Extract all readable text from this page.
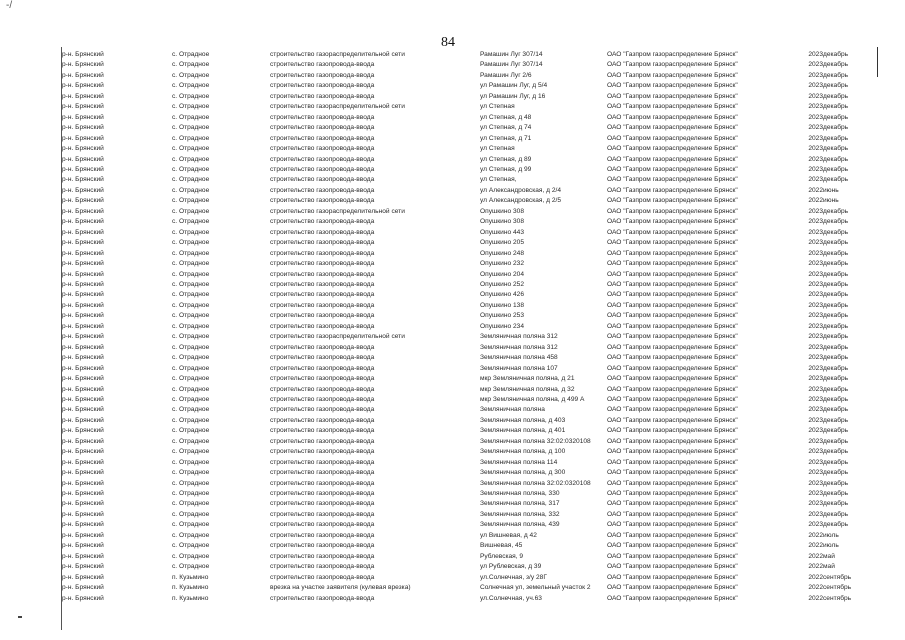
-/
84
р-н. Брянский	с. Отрадное	строительство газораспределительной сети	Рамашин Луг 307/14	ОАО "Газпром газораспределение Брянск"	2023	декабрь
р-н. Брянский	с. Отрадное	строительство газопровода-ввода	Рамашин Луг 307/14	ОАО "Газпром газораспределение Брянск"	2023	декабрь
р-н. Брянский	с. Отрадное	строительство газопровода-ввода	Рамашин Луг 2/6	ОАО "Газпром газораспределение Брянск"	2023	декабрь
р-н. Брянский	с. Отрадное	строительство газопровода-ввода	ул Рамашин Луг, д 5/4	ОАО "Газпром газораспределение Брянск"	2023	декабрь
р-н. Брянский	с. Отрадное	строительство газопровода-ввода	ул Рамашин Луг, д 16	ОАО "Газпром газораспределение Брянск"	2023	декабрь
р-н. Брянский	с. Отрадное	строительство газораспределительной сети	ул Степная	ОАО "Газпром газораспределение Брянск"	2023	декабрь
р-н. Брянский	с. Отрадное	строительство газопровода-ввода	ул Степная, д 48	ОАО "Газпром газораспределение Брянск"	2023	декабрь
р-н. Брянский	с. Отрадное	строительство газопровода-ввода	ул Степная, д 74	ОАО "Газпром газораспределение Брянск"	2023	декабрь
р-н. Брянский	с. Отрадное	строительство газопровода-ввода	ул Степная, д 71	ОАО "Газпром газораспределение Брянск"	2023	декабрь
р-н. Брянский	с. Отрадное	строительство газопровода-ввода	ул Степная	ОАО "Газпром газораспределение Брянск"	2023	декабрь
р-н. Брянский	с. Отрадное	строительство газопровода-ввода	ул Степная, д 89	ОАО "Газпром газораспределение Брянск"	2023	декабрь
р-н. Брянский	с. Отрадное	строительство газопровода-ввода	ул Степная, д 99	ОАО "Газпром газораспределение Брянск"	2023	декабрь
р-н. Брянский	с. Отрадное	строительство газопровода-ввода	ул Степная,	ОАО "Газпром газораспределение Брянск"	2023	декабрь
р-н. Брянский	с. Отрадное	строительство газопровода-ввода	ул Александровская, д 2/4	ОАО "Газпром газораспределение Брянск"	2022	июнь
р-н. Брянский	с. Отрадное	строительство газопровода-ввода	ул Александровская, д 2/5	ОАО "Газпром газораспределение Брянск"	2022	июнь
р-н. Брянский	с. Отрадное	строительство газораспределительной сети	Опушкино 308	ОАО "Газпром газораспределение Брянск"	2023	декабрь
р-н. Брянский	с. Отрадное	строительство газопровода-ввода	Опушкино 308	ОАО "Газпром газораспределение Брянск"	2023	декабрь
р-н. Брянский	с. Отрадное	строительство газопровода-ввода	Опушкино 443	ОАО "Газпром газораспределение Брянск"	2023	декабрь
р-н. Брянский	с. Отрадное	строительство газопровода-ввода	Опушкино 205	ОАО "Газпром газораспределение Брянск"	2023	декабрь
р-н. Брянский	с. Отрадное	строительство газопровода-ввода	Опушкино 248	ОАО "Газпром газораспределение Брянск"	2023	декабрь
р-н. Брянский	с. Отрадное	строительство газопровода-ввода	Опушкино 232	ОАО "Газпром газораспределение Брянск"	2023	декабрь
р-н. Брянский	с. Отрадное	строительство газопровода-ввода	Опушкино 204	ОАО "Газпром газораспределение Брянск"	2023	декабрь
р-н. Брянский	с. Отрадное	строительство газопровода-ввода	Опушкино 252	ОАО "Газпром газораспределение Брянск"	2023	декабрь
р-н. Брянский	с. Отрадное	строительство газопровода-ввода	Опушкино 426	ОАО "Газпром газораспределение Брянск"	2023	декабрь
р-н. Брянский	с. Отрадное	строительство газопровода-ввода	Опушкино 138	ОАО "Газпром газораспределение Брянск"	2023	декабрь
р-н. Брянский	с. Отрадное	строительство газопровода-ввода	Опушкино 253	ОАО "Газпром газораспределение Брянск"	2023	декабрь
р-н. Брянский	с. Отрадное	строительство газопровода-ввода	Опушкино 234	ОАО "Газпром газораспределение Брянск"	2023	декабрь
р-н. Брянский	с. Отрадное	строительство газораспределительной сети	Земляничная поляна 312	ОАО "Газпром газораспределение Брянск"	2023	декабрь
р-н. Брянский	с. Отрадное	строительство газопровода-ввода	Земляничная поляна 312	ОАО "Газпром газораспределение Брянск"	2023	декабрь
р-н. Брянский	с. Отрадное	строительство газопровода-ввода	Земляничная поляна 458	ОАО "Газпром газораспределение Брянск"	2023	декабрь
р-н. Брянский	с. Отрадное	строительство газопровода-ввода	Земляничная поляна 107	ОАО "Газпром газораспределение Брянск"	2023	декабрь
р-н. Брянский	с. Отрадное	строительство газопровода-ввода	мкр Земляничная поляна, д 21	ОАО "Газпром газораспределение Брянск"	2023	декабрь
р-н. Брянский	с. Отрадное	строительство газопровода-ввода	мкр Земляничная поляна, д 32	ОАО "Газпром газораспределение Брянск"	2023	декабрь
р-н. Брянский	с. Отрадное	строительство газопровода-ввода	мкр Земляничная поляна, д 499 А	ОАО "Газпром газораспределение Брянск"	2023	декабрь
р-н. Брянский	с. Отрадное	строительство газопровода-ввода	Земляничная поляна	ОАО "Газпром газораспределение Брянск"	2023	декабрь
р-н. Брянский	с. Отрадное	строительство газопровода-ввода	Земляничная поляна, д 403	ОАО "Газпром газораспределение Брянск"	2023	декабрь
р-н. Брянский	с. Отрадное	строительство газопровода-ввода	Земляничная поляна, д 401	ОАО "Газпром газораспределение Брянск"	2023	декабрь
р-н. Брянский	с. Отрадное	строительство газопровода-ввода	Земляничная поляна 32:02:0320108	ОАО "Газпром газораспределение Брянск"	2023	декабрь
р-н. Брянский	с. Отрадное	строительство газопровода-ввода	Земляничная поляна, д 100	ОАО "Газпром газораспределение Брянск"	2023	декабрь
р-н. Брянский	с. Отрадное	строительство газопровода-ввода	Земляничная поляна 114	ОАО "Газпром газораспределение Брянск"	2023	декабрь
р-н. Брянский	с. Отрадное	строительство газопровода-ввода	Земляничная поляна, д 300	ОАО "Газпром газораспределение Брянск"	2023	декабрь
р-н. Брянский	с. Отрадное	строительство газопровода-ввода	Земляничная поляна 32:02:0320108	ОАО "Газпром газораспределение Брянск"	2023	декабрь
р-н. Брянский	с. Отрадное	строительство газопровода-ввода	Земляничная поляна, 330	ОАО "Газпром газораспределение Брянск"	2023	декабрь
р-н. Брянский	с. Отрадное	строительство газопровода-ввода	Земляничная поляна, 317	ОАО "Газпром газораспределение Брянск"	2023	декабрь
р-н. Брянский	с. Отрадное	строительство газопровода-ввода	Земляничная поляна, 332	ОАО "Газпром газораспределение Брянск"	2023	декабрь
р-н. Брянский	с. Отрадное	строительство газопровода-ввода	Земляничная поляна, 439	ОАО "Газпром газораспределение Брянск"	2023	декабрь
р-н. Брянский	с. Отрадное	строительство газопровода-ввода	ул Вишневая, д 42	ОАО "Газпром газораспределение Брянск"	2022	июль
р-н. Брянский	с. Отрадное	строительство газопровода-ввода	Вишневая, 45	ОАО "Газпром газораспределение Брянск"	2022	июль
р-н. Брянский	с. Отрадное	строительство газопровода-ввода	Рублевская, 9	ОАО "Газпром газораспределение Брянск"	2022	май
р-н. Брянский	с. Отрадное	строительство газопровода-ввода	ул Рублевская, д 39	ОАО "Газпром газораспределение Брянск"	2022	май
р-н. Брянский	п. Кузьмино	строительство газопровода-ввода	ул.Солнечная, з/у 28Г	ОАО "Газпром газораспределение Брянск"	2022	сентябрь
р-н. Брянский	п. Кузьмино	врезка на участке заявителя (кулевая врезка)	Солнечная ул, земельный участок 2	ОАО "Газпром газораспределение Брянск"	2022	сентябрь
р-н. Брянский	п. Кузьмино	строительство газопровода-ввода	ул.Солнечная, уч.63	ОАО "Газпром газораспределение Брянск"	2022	сентябрь
